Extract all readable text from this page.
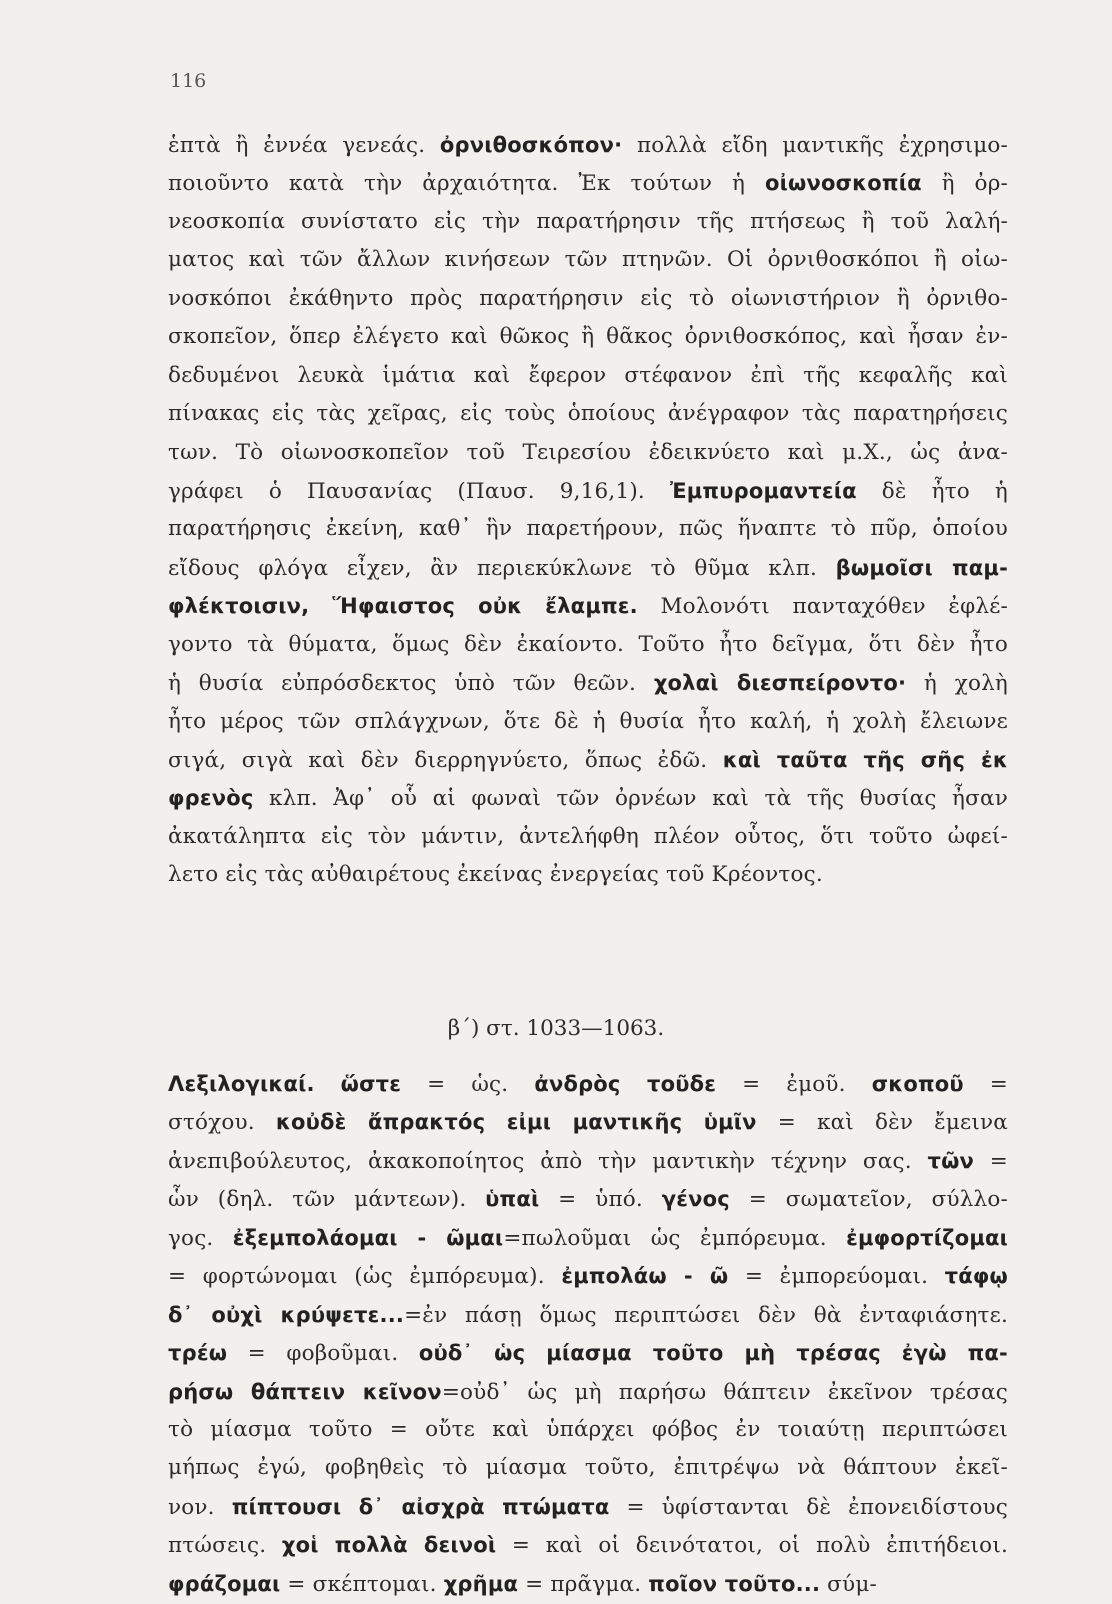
116
ἑπτὰ ἢ ἐννέα γενεάς. ὀρνιθοσκόπον· πολλὰ εἴδη μαντικῆς ἐχρησιμο-
ποιοῦντο κατὰ τὴν ἀρχαιότητα. Ἐκ τούτων ἡ οἰωνοσκοπία ἢ ὀρ-
νεοσκοπία συνίστατο εἰς τὴν παρατήρησιν τῆς πτήσεως ἢ τοῦ λαλή-
ματος καὶ τῶν ἄλλων κινήσεων τῶν πτηνῶν. Οἱ ὀρνιθοσκόποι ἢ οἰω-
νοσκόποι ἐκάθηντο πρὸς παρατήρησιν εἰς τὸ οἰωνιστήριον ἢ ὀρνιθο-
σκοπεῖον, ὅπερ ἐλέγετο καὶ θῶκος ἢ θᾶκος ὀρνιθοσκόπος, καὶ ἦσαν ἐν-
δεδυμένοι λευκὰ ἱμάτια καὶ ἔφερον στέφανον ἐπὶ τῆς κεφαλῆς καὶ
πίνακας εἰς τὰς χεῖρας, εἰς τοὺς ὁποίους ἀνέγραφον τὰς παρατηρήσεις
των. Τὸ οἰωνοσκοπεῖον τοῦ Τειρεσίου ἐδεικνύετο καὶ μ.Χ., ὡς ἀνα-
γράφει ὁ Παυσανίας (Παυσ. 9,16,1). Ἐμπυρομαντεία δὲ ἦτο ἡ
παρατήρησις ἐκείνη, καθ᾽ ἣν παρετήρουν, πῶς ἥναπτε τὸ πῦρ, ὁποίου
εἴδους φλόγα εἶχεν, ἂν περιεκύκλωνε τὸ θῦμα κλπ. βωμοῖσι παμ-
φλέκτοισιν, Ἥφαιστος οὐκ ἔλαμπε. Μολονότι πανταχόθεν ἐφλέ-
γοντο τὰ θύματα, ὅμως δὲν ἐκαίοντο. Τοῦτο ἦτο δεῖγμα, ὅτι δὲν ἦτο
ἡ θυσία εὐπρόσδεκτος ὑπὸ τῶν θεῶν. χολαὶ διεσπείροντο· ἡ χολὴ
ἦτο μέρος τῶν σπλάγχνων, ὅτε δὲ ἡ θυσία ἦτο καλή, ἡ χολὴ ἔλειωνε
σιγά, σιγὰ καὶ δὲν διερρηγνύετο, ὅπως ἐδῶ. καὶ ταῦτα τῆς σῆς ἐκ
φρενὸς κλπ. Ἀφ᾽ οὗ αἱ φωναὶ τῶν ὀρνέων καὶ τὰ τῆς θυσίας ἦσαν
ἀκατάληπτα εἰς τὸν μάντιν, ἀντελήφθη πλέον οὗτος, ὅτι τοῦτο ὠφεί-
λετο εἰς τὰς αὐθαιρέτους ἐκείνας ἐνεργείας τοῦ Κρέοντος.
β΄) στ. 1033—1063.
Λεξιλογικαί. ὥστε = ὡς. ἀνδρὸς τοῦδε = ἐμοῦ. σκοποῦ =
στόχου. κοὐδὲ ἄπρακτός εἰμι μαντικῆς ὑμῖν = καὶ δὲν ἔμεινα
ἀνεπιβούλευτος, ἀκακοποίητος ἀπὸ τὴν μαντικὴν τέχνην σας. τῶν =
ὧν (δηλ. τῶν μάντεων). ὑπαὶ = ὑπό. γένος = σωματεῖον, σύλλο-
γος. ἐξεμπολάομαι - ῶμαι=πωλοῦμαι ὡς ἐμπόρευμα. ἐμφορτίζομαι
= φορτώνομαι (ὡς ἐμπόρευμα). ἐμπολάω - ῶ = ἐμπορεύομαι. τάφῳ
δ᾽ οὐχὶ κρύψετε...=ἐν πάσῃ ὅμως περιπτώσει δὲν θὰ ἐνταφιάσητε.
τρέω = φοβοῦμαι. οὐδ᾽ ὡς μίασμα τοῦτο μὴ τρέσας ἐγὼ πα-
ρήσω θάπτειν κεῖνον=οὐδ᾽ ὡς μὴ παρήσω θάπτειν ἐκεῖνον τρέσας
τὸ μίασμα τοῦτο = οὔτε καὶ ὑπάρχει φόβος ἐν τοιαύτῃ περιπτώσει
μήπως ἐγώ, φοβηθεὶς τὸ μίασμα τοῦτο, ἐπιτρέψω νὰ θάπτουν ἐκεῖ-
νον. πίπτουσι δ᾽ αἰσχρὰ πτώματα = ὑφίστανται δὲ ἐπονειδίστους
πτώσεις. χοἱ πολλὰ δεινοὶ = καὶ οἱ δεινότατοι, οἱ πολὺ ἐπιτήδειοι.
φράζομαι = σκέπτομαι. χρῆμα = πρᾶγμα. ποῖον τοῦτο... σύμ-
